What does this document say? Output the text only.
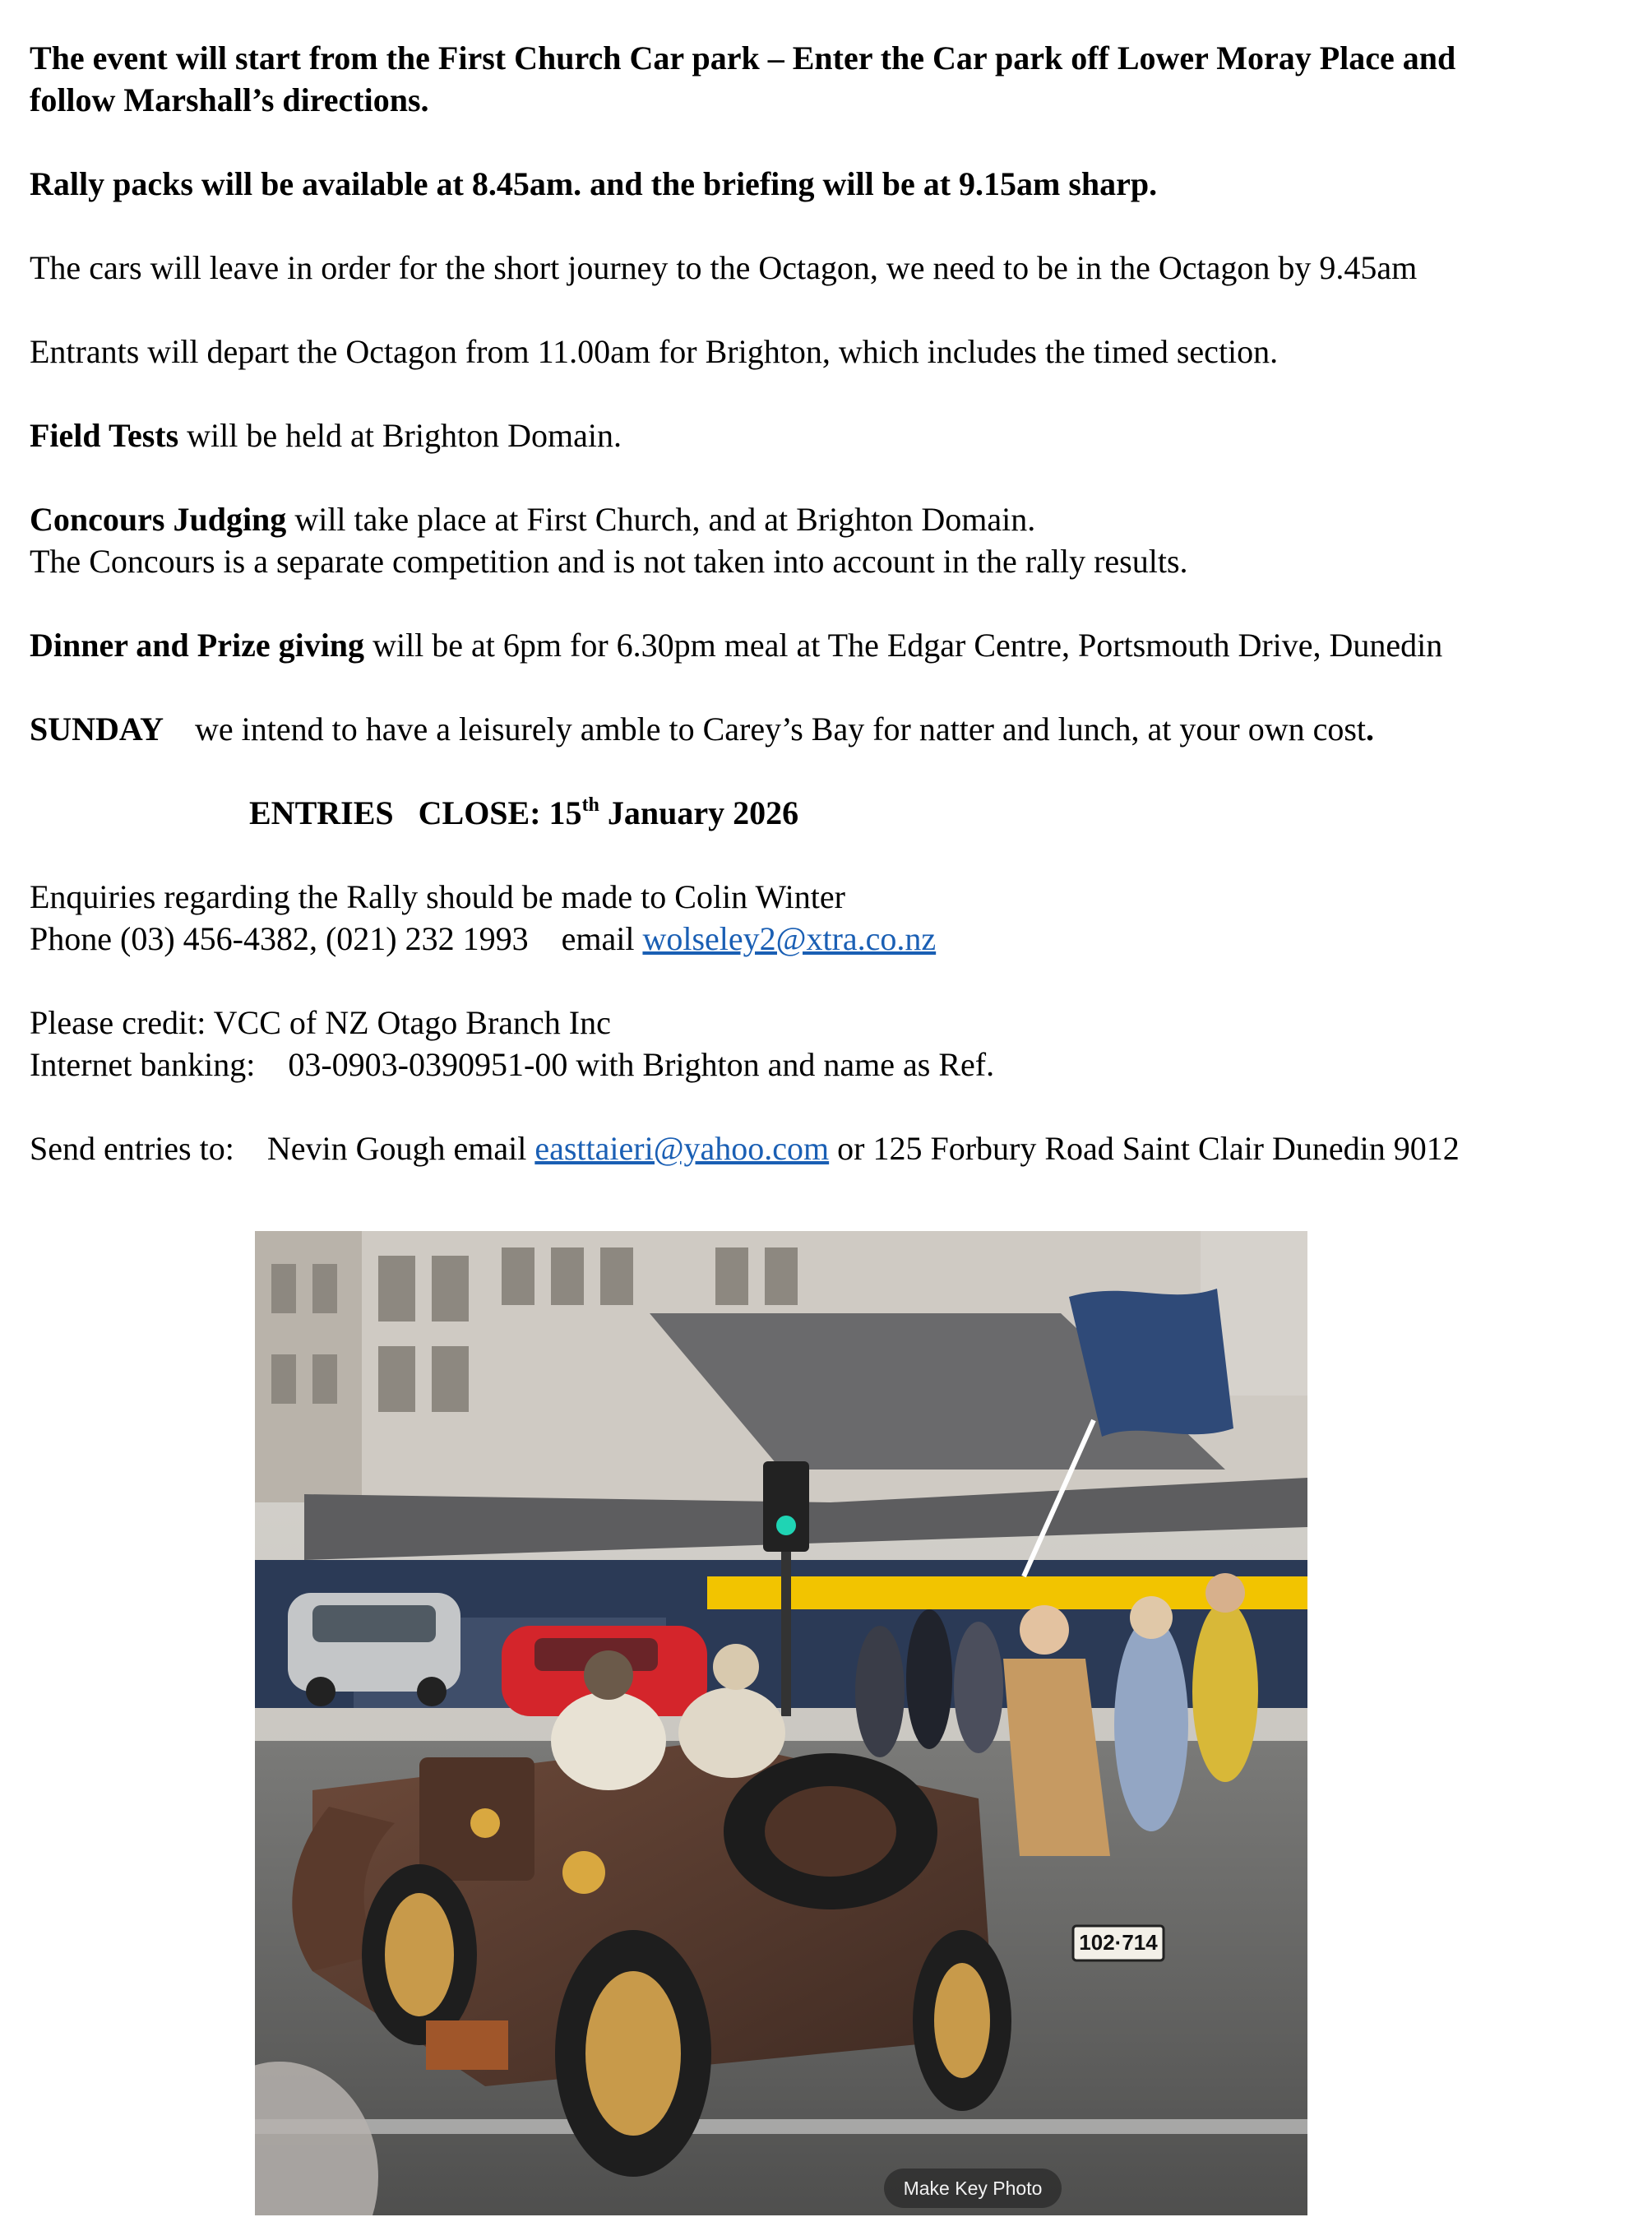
The event will start from the First Church Car park – Enter the Car park off Lower Moray Place and

follow Marshall’s directions.

Rally packs will be available at 8.45am. and the briefing will be at 9.15am sharp.

The cars will leave in order for the short journey to the Octagon, we need to be in the Octagon by 9.45am

Entrants will depart the Octagon from 11.00am for Brighton, which includes the timed section.

Field Tests will be held at Brighton Domain.

Concours Judging will take place at First Church, and at Brighton Domain.

The Concours is a separate competition and is not taken into account in the rally results.

Dinner and Prize giving will be at 6pm for 6.30pm meal at The Edgar Centre, Portsmouth Drive, Dunedin

SUNDAY we intend to have a leisurely amble to Carey’s Bay for natter and lunch, at your own cost.

ENTRIES   CLOSE: 15th January 2026

Enquiries regarding the Rally should be made to Colin Winter

Phone (03) 456-4382, (021) 232 1993    email wolseley2@xtra.co.nz

Please credit: VCC of NZ Otago Branch Inc

Internet banking:    03-0903-0390951-00 with Brighton and name as Ref.

Send entries to:    Nevin Gough email easttaieri@yahoo.com or 125 Forbury Road Saint Clair Dunedin 9012

102·714
Make Key Photo
